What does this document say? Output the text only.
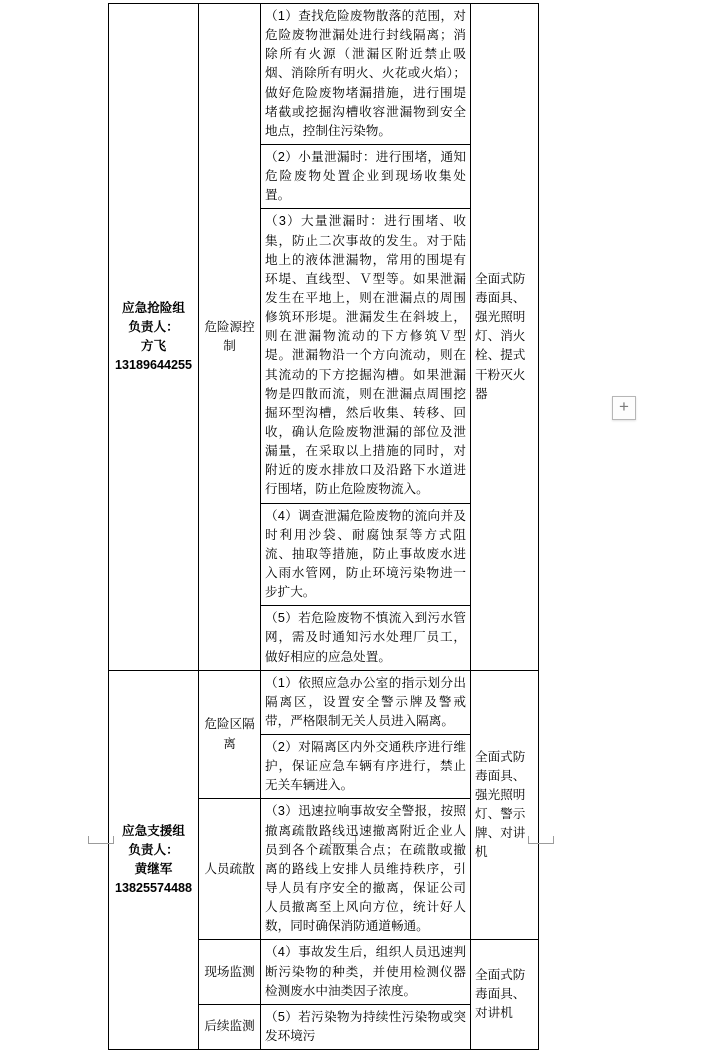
应急抢险组
负责人：
方飞
13189644255	危险源控制	（1）查找危险废物散落的范围，对危险废物泄漏处进行封线隔离；消除所有火源（泄漏区附近禁止吸烟、消除所有明火、火花或火焰）；做好危险废物堵漏措施，进行围堤堵截或挖掘沟槽收容泄漏物到安全地点，控制住污染物。	全面式防毒面具、强光照明灯、消火栓、提式干粉灭火器
		（2）小量泄漏时：进行围堵，通知危险废物处置企业到现场收集处置。	
		（3）大量泄漏时：进行围堵、收集，防止二次事故的发生。对于陆地上的液体泄漏物，常用的围堤有环堤、直线型、Ｖ型等。如果泄漏发生在平地上，则在泄漏点的周围修筑环形堤。泄漏发生在斜坡上，则在泄漏物流动的下方修筑Ｖ型堤。泄漏物沿一个方向流动，则在其流动的下方挖掘沟槽。如果泄漏物是四散而流，则在泄漏点周围挖掘环型沟槽，然后收集、转移、回收，确认危险废物泄漏的部位及泄漏量，在采取以上措施的同时，对附近的废水排放口及沿路下水道进行围堵，防止危险废物流入。	
		（4）调查泄漏危险废物的流向并及时利用沙袋、耐腐蚀泵等方式阻流、抽取等措施，防止事故废水进入雨水管网，防止环境污染物进一步扩大。	
		（5）若危险废物不慎流入到污水管网，需及时通知污水处理厂员工，做好相应的应急处置。	

应急支援组
负责人：
黄继军
13825574488	危险区隔离	（1）依照应急办公室的指示划分出隔离区，设置安全警示牌及警戒带，严格限制无关人员进入隔离。	全面式防毒面具、强光照明灯、警示牌、对讲机
		（2）对隔离区内外交通秩序进行维护，保证应急车辆有序进行，禁止无关车辆进入。	
	人员疏散	（3）迅速拉响事故安全警报，按照撤离疏散路线迅速撤离附近企业人员到各个疏散集合点；在疏散或撤离的路线上安排人员维持秩序，引导人员有序安全的撤离，保证公司人员撤离至上风向方位，统计好人数，同时确保消防通道畅通。	
	现场监测	（4）事故发生后，组织人员迅速判断污染物的种类，并使用检测仪器检测废水中油类因子浓度。	全面式防毒面具、对讲机
	后续监测	（5）若污染物为持续性污染物或突发环境污	
+
